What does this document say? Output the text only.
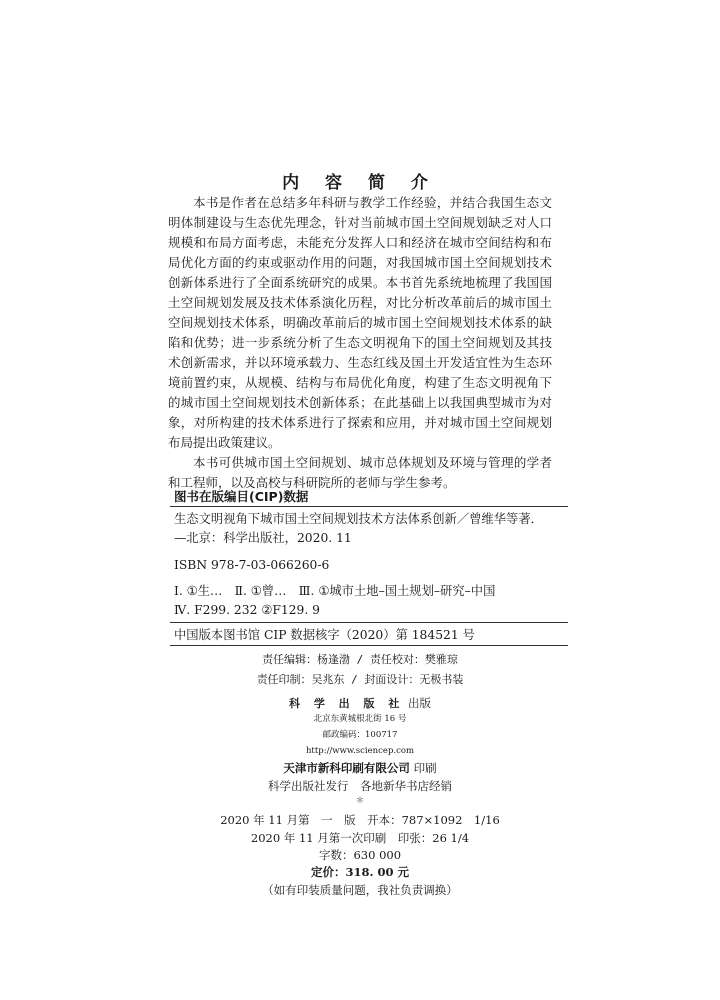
内 容 简 介

本书是作者在总结多年科研与教学工作经验，并结合我国生态文明体制建设与生态优先理念，针对当前城市国土空间规划缺乏对人口规模和布局方面考虑，未能充分发挥人口和经济在城市空间结构和布局优化方面的约束或驱动作用的问题，对我国城市国土空间规划技术创新体系进行了全面系统研究的成果。本书首先系统地梳理了我国国土空间规划发展及技术体系演化历程，对比分析改革前后的城市国土空间规划技术体系，明确改革前后的城市国土空间规划技术体系的缺陷和优势；进一步系统分析了生态文明视角下的国土空间规划及其技术创新需求，并以环境承载力、生态红线及国土开发适宜性为生态环境前置约束，从规模、结构与布局优化角度，构建了生态文明视角下的城市国土空间规划技术创新体系；在此基础上以我国典型城市为对象，对所构建的技术体系进行了探索和应用，并对城市国土空间规划布局提出政策建议。

本书可供城市国土空间规划、城市总体规划及环境与管理的学者和工程师，以及高校与科研院所的老师与学生参考。

图书在版编目(CIP)数据
生态文明视角下城市国土空间规划技术方法体系创新／曾维华等著．
—北京：科学出版社，2020. 11
ISBN 978-7-03-066260-6
Ⅰ. ①生…　Ⅱ. ①曾…　Ⅲ. ①城市土地–国土规划–研究–中国
Ⅳ. F299. 232 ②F129. 9
中国版本图书馆 CIP 数据核字（2020）第 184521 号
责任编辑：杨逢渤 / 责任校对：樊雅琼
责任印制：吴兆东 / 封面设计：无极书装
科 学 出 版 社 出版
北京东黄城根北街 16 号
邮政编码：100717
http://www.sciencep.com
天津市新科印刷有限公司 印刷
科学出版社发行　各地新华书店经销
＊
2020 年 11 月第　一　版　开本：787×1092　1/16
2020 年 11 月第一次印刷　印张：26 1/4
字数：630 000
定价：318. 00 元
（如有印装质量问题，我社负责调换）
